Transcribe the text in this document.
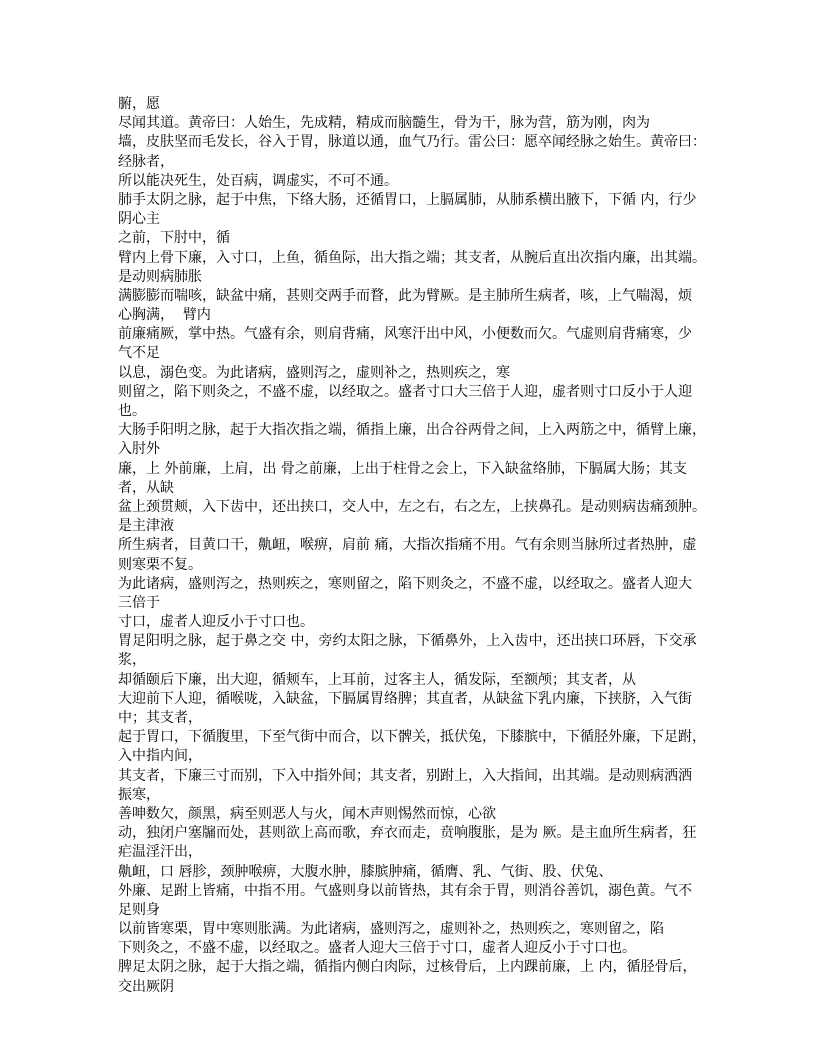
腑，愿
尽闻其道。黄帝曰：人始生，先成精，精成而脑髓生，骨为干，脉为营，筋为刚，肉为
墙，皮肤坚而毛发长，谷入于胃，脉道以通，血气乃行。雷公曰：愿卒闻经脉之始生。黄帝曰：
经脉者，
所以能决死生，处百病，调虚实，不可不通。
肺手太阴之脉，起于中焦，下络大肠，还循胃口，上膈属肺，从肺系横出腋下，下循 内，行少
阴心主
之前，下肘中，循
臂内上骨下廉，入寸口，上鱼，循鱼际，出大指之端；其支者，从腕后直出次指内廉，出其端。
是动则病肺胀
满膨膨而喘咳，缺盆中痛，甚则交两手而瞀，此为臂厥。是主肺所生病者，咳，上气喘渴，烦
心胸满，  臂内
前廉痛厥，掌中热。气盛有余，则肩背痛，风寒汗出中风，小便数而欠。气虚则肩背痛寒，少
气不足
以息，溺色变。为此诸病，盛则泻之，虚则补之，热则疾之，寒
则留之，陷下则灸之，不盛不虚，以经取之。盛者寸口大三倍于人迎，虚者则寸口反小于人迎
也。
大肠手阳明之脉，起于大指次指之端，循指上廉，出合谷两骨之间，上入两筋之中，循臂上廉，
入肘外
廉，上 外前廉，上肩，出 骨之前廉，上出于柱骨之会上，下入缺盆络肺，下膈属大肠；其支
者，从缺
盆上颈贯颊，入下齿中，还出挟口，交人中，左之右，右之左，上挟鼻孔。是动则病齿痛颈肿。
是主津液
所生病者，目黄口干，鼽衄，喉痹，肩前 痛，大指次指痛不用。气有余则当脉所过者热肿，虚
则寒栗不复。
为此诸病，盛则泻之，热则疾之，寒则留之，陷下则灸之，不盛不虚，以经取之。盛者人迎大
三倍于
寸口，虚者人迎反小于寸口也。
胃足阳明之脉，起于鼻之交 中，旁约太阳之脉，下循鼻外，上入齿中，还出挟口环唇，下交承
浆，
却循颐后下廉，出大迎，循颊车，上耳前，过客主人，循发际，至额颅；其支者，从
大迎前下人迎，循喉咙，入缺盆，下膈属胃络脾；其直者，从缺盆下乳内廉，下挟脐，入气街
中；其支者，
起于胃口，下循腹里，下至气街中而合，以下髀关，抵伏兔，下膝膑中，下循胫外廉，下足跗，
入中指内间，
其支者，下廉三寸而别，下入中指外间；其支者，别跗上，入大指间，出其端。是动则病洒洒
振寒，
善呻数欠，颜黑，病至则恶人与火，闻木声则惕然而惊，心欲
动，独闭户塞牖而处，甚则欲上高而歌，弃衣而走，贲响腹胀，是为 厥。是主血所生病者，狂
疟温淫汗出，
鼽衄，口 唇胗，颈肿喉痹，大腹水肿，膝膑肿痛，循膺、乳、气街、股、伏兔、
外廉、足跗上皆痛，中指不用。气盛则身以前皆热，其有余于胃，则消谷善饥，溺色黄。气不
足则身
以前皆寒栗，胃中寒则胀满。为此诸病，盛则泻之，虚则补之，热则疾之，寒则留之，陷
下则灸之，不盛不虚，以经取之。盛者人迎大三倍于寸口，虚者人迎反小于寸口也。
脾足太阴之脉，起于大指之端，循指内侧白肉际，过核骨后，上内踝前廉，上 内，循胫骨后，
交出厥阴
